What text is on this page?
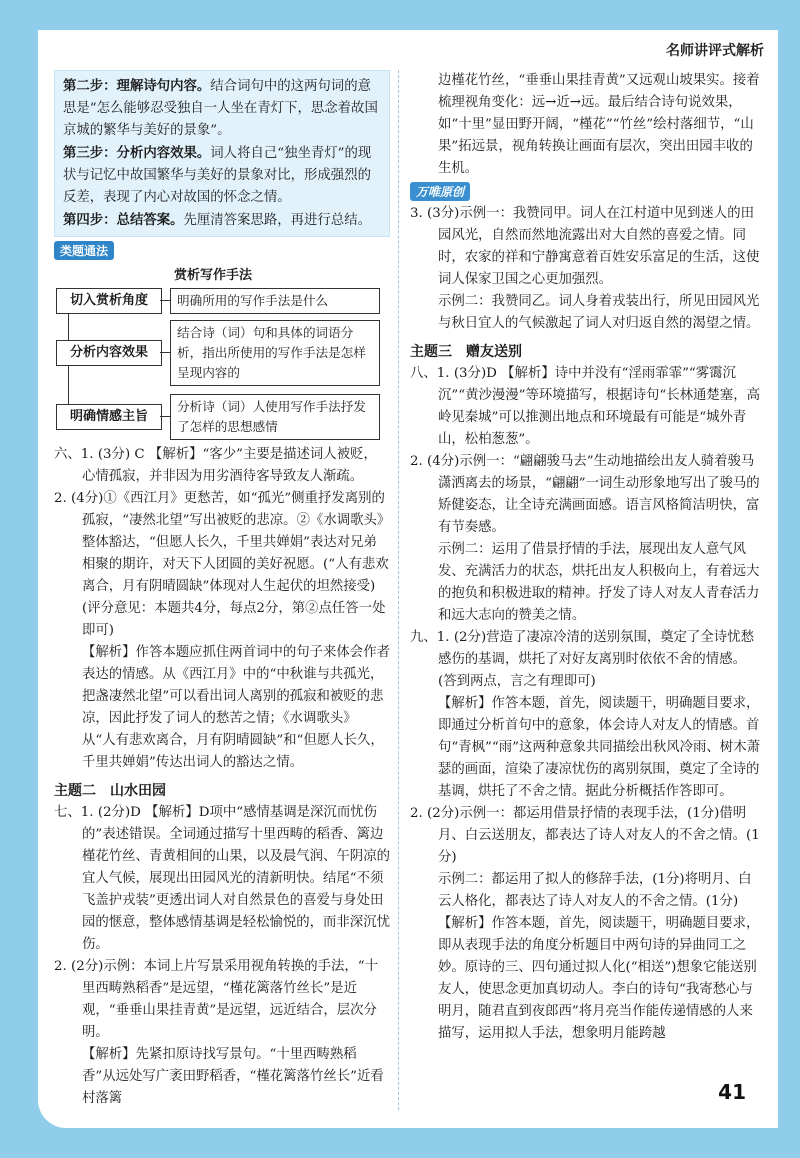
名师讲评式解析
第二步：理解诗句内容。结合词句中的这两句词的意思是“怎么能够忍受独自一人坐在青灯下，思念着故国京城的繁华与美好的景象”。
第三步：分析内容效果。词人将自己“独坐青灯”的现状与记忆中故国繁华与美好的景象对比，形成强烈的反差，表现了内心对故国的怀念之情。
第四步：总结答案。先厘清答案思路，再进行总结。
类题通法
赏析写作手法
切入赏析角度
分析内容效果
明确情感主旨
明确所用的写作手法是什么
结合诗（词）句和具体的词语分析，指出所使用的写作手法是怎样呈现内容的
分析诗（词）人使用写作手法抒发了怎样的思想感情

六、1. (3分) C 【解析】“客少”主要是描述词人被贬，心情孤寂，并非因为用劣酒待客导致友人渐疏。

2. (4分)①《西江月》更愁苦，如“孤光”侧重抒发离别的孤寂，“凄然北望”写出被贬的悲凉。②《水调歌头》整体豁达，“但愿人长久，千里共婵娟”表达对兄弟相聚的期许，对天下人团圆的美好祝愿。(“人有悲欢离合，月有阴晴圆缺”体现对人生起伏的坦然接受)(评分意见：本题共4分，每点2分，第②点任答一处即可)

【解析】作答本题应抓住两首词中的句子来体会作者表达的情感。从《西江月》中的“中秋谁与共孤光，把盏凄然北望”可以看出词人离别的孤寂和被贬的悲凉，因此抒发了词人的愁苦之情；《水调歌头》从“人有悲欢离合，月有阴晴圆缺”和“但愿人长久，千里共婵娟”传达出词人的豁达之情。

主题二　山水田园

七、1. (2分)D 【解析】D项中“感情基调是深沉而忧伤的”表述错误。全词通过描写十里西畴的稻香、篱边槿花竹丝、青黄相间的山果，以及晨气润、午阴凉的宜人气候，展现出田园风光的清新明快。结尾“不须飞盖护戎装”更透出词人对自然景色的喜爱与身处田园的惬意，整体感情基调是轻松愉悦的，而非深沉忧伤。

2. (2分)示例：本词上片写景采用视角转换的手法，“十里西畴熟稻香”是远望，“槿花篱落竹丝长”是近观，“垂垂山果挂青黄”是远望，远近结合，层次分明。

【解析】先紧扣原诗找写景句。“十里西畴熟稻香”从远处写广袤田野稻香，“槿花篱落竹丝长”近看村落篱

边槿花竹丝，“垂垂山果挂青黄”又远观山坡果实。接着梳理视角变化：远→近→远。最后结合诗句说效果，如“十里”显田野开阔，“槿花”“竹丝”绘村落细节，“山果”拓远景，视角转换让画面有层次，突出田园丰收的生机。

万唯原创

3. (3分)示例一：我赞同甲。词人在江村道中见到迷人的田园风光，自然而然地流露出对大自然的喜爱之情。同时，农家的祥和宁静寓意着百姓安乐富足的生活，这使词人保家卫国之心更加强烈。

示例二：我赞同乙。词人身着戎装出行，所见田园风光与秋日宜人的气候激起了词人对归返自然的渴望之情。

主题三　赠友送别

八、1. (3分)D 【解析】诗中并没有“淫雨霏霏”“雾霭沉沉”“黄沙漫漫”等环境描写，根据诗句“长林通楚塞，高岭见秦城”可以推测出地点和环境最有可能是“城外青山，松柏葱葱”。

2. (4分)示例一：“翩翩骏马去”生动地描绘出友人骑着骏马潇洒离去的场景，“翩翩”一词生动形象地写出了骏马的矫健姿态，让全诗充满画面感。语言风格简洁明快，富有节奏感。

示例二：运用了借景抒情的手法，展现出友人意气风发、充满活力的状态，烘托出友人积极向上，有着远大的抱负和积极进取的精神。抒发了诗人对友人青春活力和远大志向的赞美之情。

九、1. (2分)营造了凄凉冷清的送别氛围，奠定了全诗忧愁感伤的基调，烘托了对好友离别时依依不舍的情感。(答到两点，言之有理即可)

【解析】作答本题，首先，阅读题干，明确题目要求，即通过分析首句中的意象，体会诗人对友人的情感。首句“青枫”“雨”这两种意象共同描绘出秋风冷雨、树木萧瑟的画面，渲染了凄凉忧伤的离别氛围，奠定了全诗的基调，烘托了不舍之情。据此分析概括作答即可。

2. (2分)示例一：都运用借景抒情的表现手法，(1分)借明月、白云送朋友，都表达了诗人对友人的不舍之情。(1分)

示例二：都运用了拟人的修辞手法，(1分)将明月、白云人格化，都表达了诗人对友人的不舍之情。(1分)

【解析】作答本题，首先，阅读题干，明确题目要求，即从表现手法的角度分析题目中两句诗的异曲同工之妙。原诗的三、四句通过拟人化(“相送”)想象它能送别友人，使思念更加真切动人。李白的诗句“我寄愁心与明月，随君直到夜郎西”将月亮当作能传递情感的人来描写，运用拟人手法，想象明月能跨越

41
